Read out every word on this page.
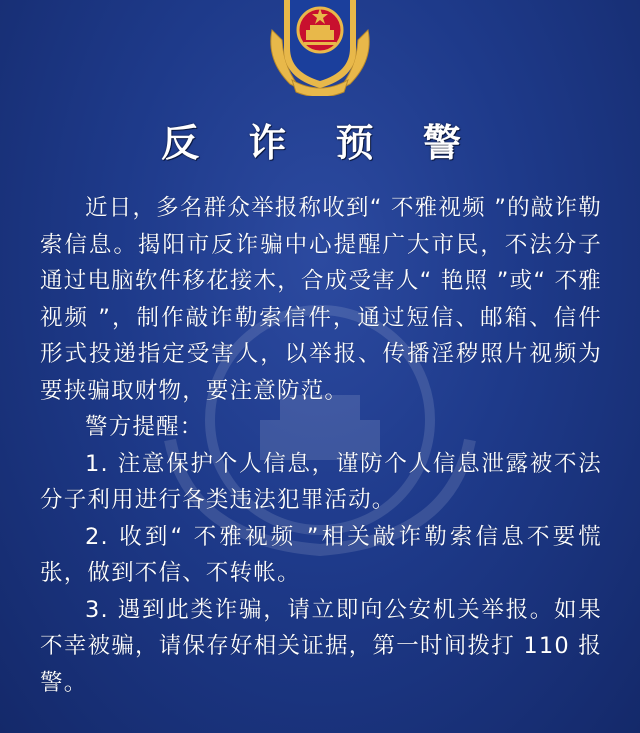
反 诈 预 警

近日，多名群众举报称收到“ 不雅视频 ”的敲诈勒索信息。揭阳市反诈骗中心提醒广大市民，不法分子通过电脑软件移花接木，合成受害人“ 艳照 ”或“ 不雅视频 ”，制作敲诈勒索信件，通过短信、邮箱、信件形式投递指定受害人，以举报、传播淫秽照片视频为要挟骗取财物，要注意防范。

警方提醒：

1. 注意保护个人信息，谨防个人信息泄露被不法分子利用进行各类违法犯罪活动。

2. 收到“ 不雅视频 ”相关敲诈勒索信息不要慌张，做到不信、不转帐。

3. 遇到此类诈骗，请立即向公安机关举报。如果不幸被骗，请保存好相关证据，第一时间拨打 110 报警。
